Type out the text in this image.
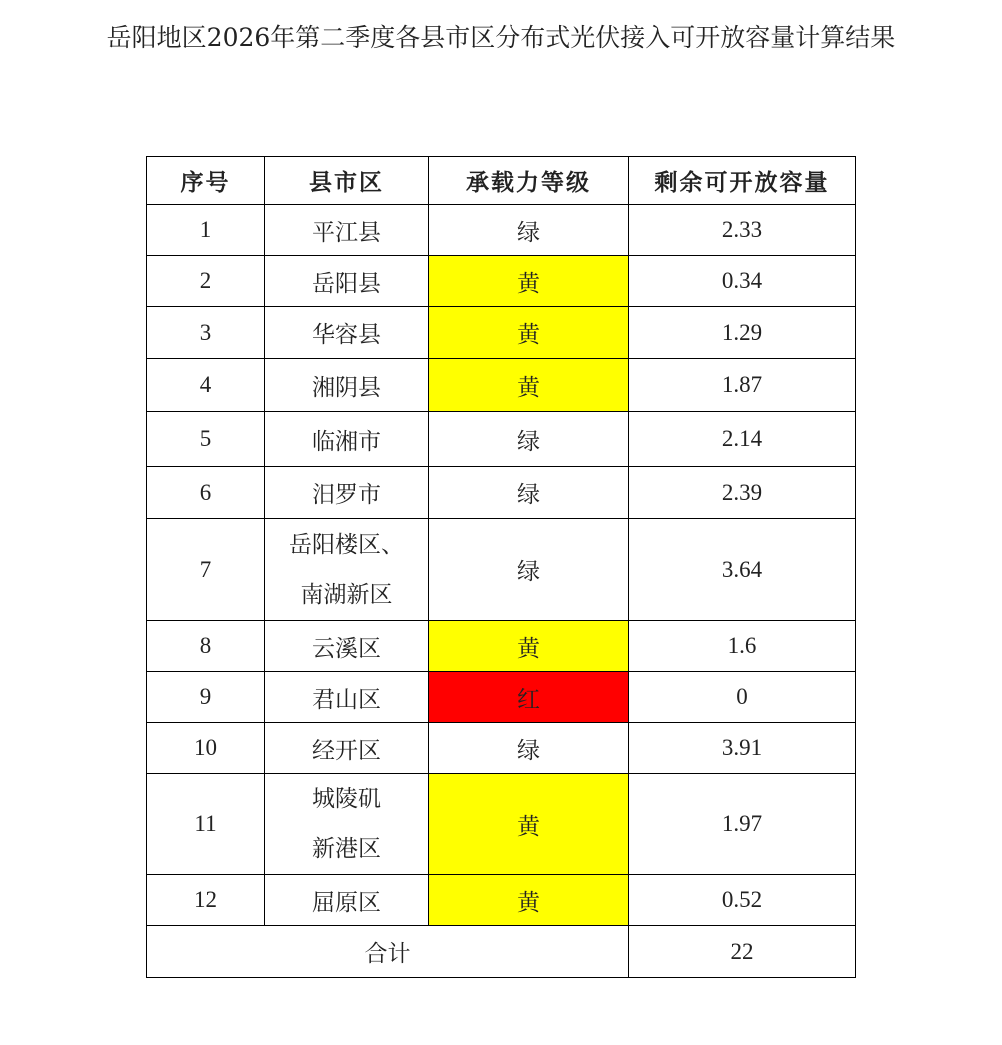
岳阳地区2026年第二季度各县市区分布式光伏接入可开放容量计算结果
序号	县市区	承载力等级	剩余可开放容量
1	平江县	绿	2.33
2	岳阳县	黄	0.34
3	华容县	黄	1.29
4	湘阴县	黄	1.87
5	临湘市	绿	2.14
6	汨罗市	绿	2.39
7	岳阳楼区、
南湖新区	绿	3.64
8	云溪区	黄	1.6
9	君山区	红	0
10	经开区	绿	3.91
11	城陵矶
新港区	黄	1.97
12	屈原区	黄	0.52
合计			22
